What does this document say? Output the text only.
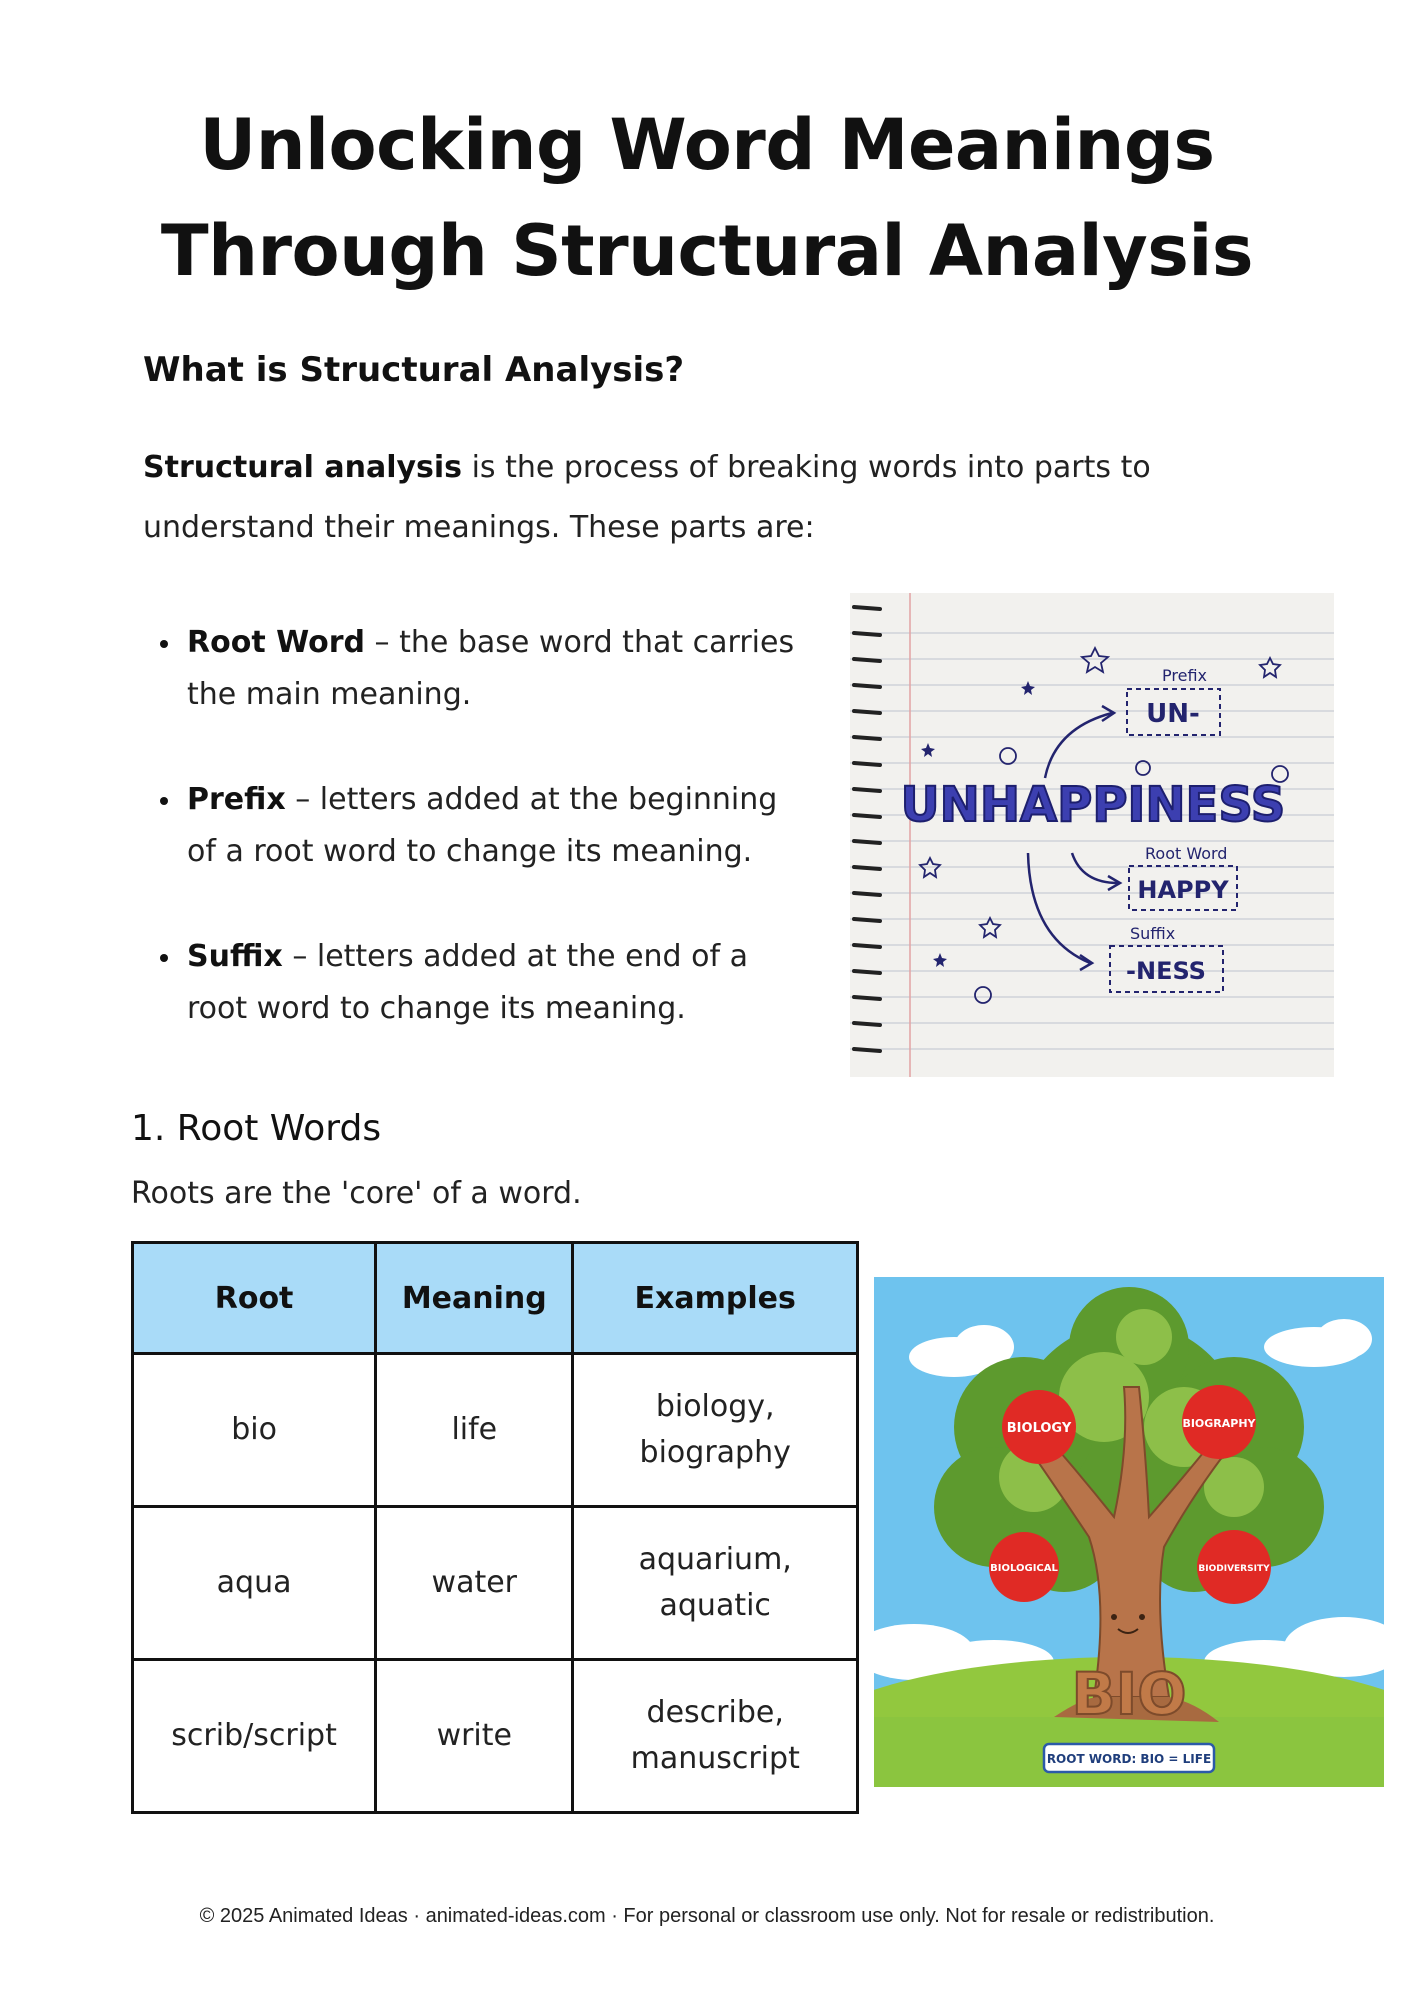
Unlocking Word Meanings
Through Structural Analysis
What is Structural Analysis?
Structural analysis is the process of breaking words into parts to understand their meanings. These parts are:
Root Word – the base word that carries the main meaning.
Prefix – letters added at the beginning of a root word to change its meaning.
Suffix – letters added at the end of a root word to change its meaning.
UNHAPPINESS
Prefix
UN-
Root Word
HAPPY
Suffix
-NESS
1. Root Words
Roots are the 'core' of a word.
Root	Meaning	Examples
bio	life	biology,
biography

aqua	water	aquarium,
aquatic

scrib/script	write	describe,
manuscript
BIO
BIOLOGY	BIOGRAPHY
BIOLOGICAL	BIODIVERSITY
ROOT WORD: BIO = LIFE
© 2025 Animated Ideas · animated-ideas.com · For personal or classroom use only. Not for resale or redistribution.
